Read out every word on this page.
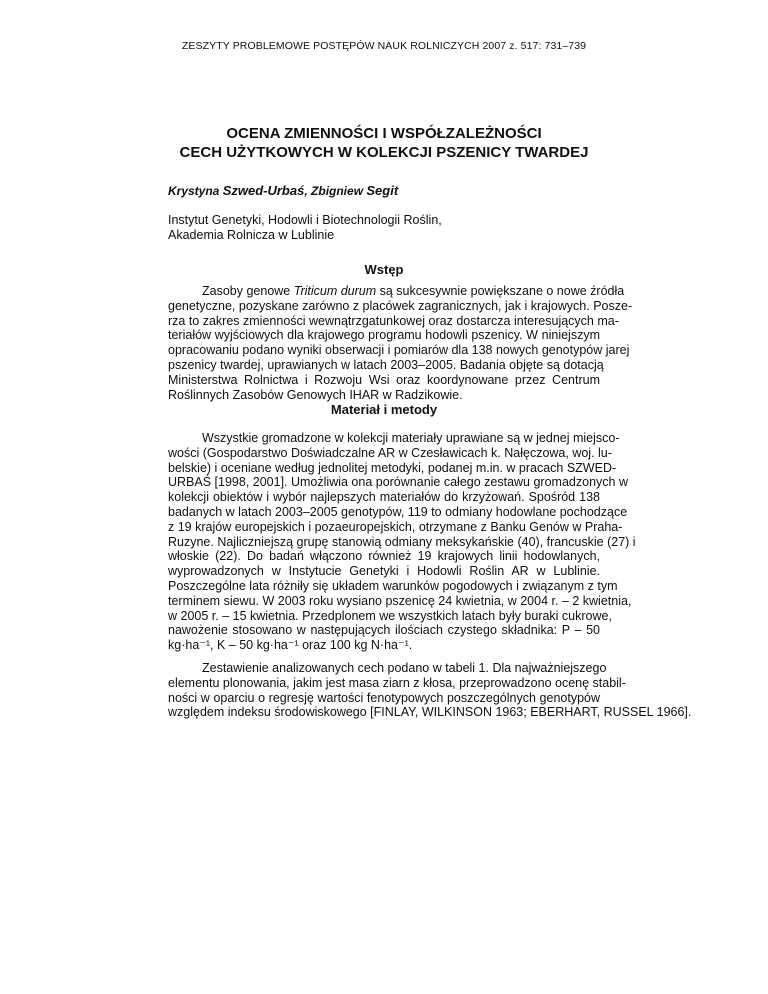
ZESZYTY PROBLEMOWE POSTĘPÓW NAUK ROLNICZYCH 2007 z. 517: 731–739
OCENA ZMIENNOŚCI I WSPÓŁZALEŻNOŚCI
CECH UŻYTKOWYCH W KOLEKCJI PSZENICY TWARDEJ
Krystyna Szwed-Urbaś, Zbigniew Segit
Instytut Genetyki, Hodowli i Biotechnologii Roślin,
Akademia Rolnicza w Lublinie
Wstęp
Zasoby genowe Triticum durum są sukcesywnie powiększane o nowe źródła
genetyczne, pozyskane zarówno z placówek zagranicznych, jak i krajowych. Posze-
rza to zakres zmienności wewnątrzgatunkowej oraz dostarcza interesujących ma-
teriałów wyjściowych dla krajowego programu hodowli pszenicy. W niniejszym
opracowaniu podano wyniki obserwacji i pomiarów dla 138 nowych genotypów jarej
pszenicy twardej, uprawianych w latach 2003–2005. Badania objęte są dotacją
Ministerstwa Rolnictwa i Rozwoju Wsi oraz koordynowane przez Centrum
Roślinnych Zasobów Genowych IHAR w Radzikowie.
Materiał i metody
Wszystkie gromadzone w kolekcji materiały uprawiane są w jednej miejsco-
wości (Gospodarstwo Doświadczalne AR w Czesławicach k. Nałęczowa, woj. lu-
belskie) i oceniane według jednolitej metodyki, podanej m.in. w pracach SZWED-
URBAŚ [1998, 2001]. Umożliwia ona porównanie całego zestawu gromadzonych w
kolekcji obiektów i wybór najlepszych materiałów do krzyżowań. Spośród 138
badanych w latach 2003–2005 genotypów, 119 to odmiany hodowlane pochodzące
z 19 krajów europejskich i pozaeuropejskich, otrzymane z Banku Genów w Praha-
Ruzyne. Najliczniejszą grupę stanowią odmiany meksykańskie (40), francuskie (27) i
włoskie (22). Do badań włączono również 19 krajowych linii hodowlanych,
wyprowadzonych w Instytucie Genetyki i Hodowli Roślin AR w Lublinie.
Poszczególne lata różniły się układem warunków pogodowych i związanym z tym
terminem siewu. W 2003 roku wysiano pszenicę 24 kwietnia, w 2004 r. – 2 kwietnia,
w 2005 r. – 15 kwietnia. Przedplonem we wszystkich latach były buraki cukrowe,
nawożenie stosowano w następujących ilościach czystego składnika: P – 50
kg·ha⁻¹, K – 50 kg·ha⁻¹ oraz 100 kg N·ha⁻¹.
Zestawienie analizowanych cech podano w tabeli 1. Dla najważniejszego
elementu plonowania, jakim jest masa ziarn z kłosa, przeprowadzono ocenę stabil-
ności w oparciu o regresję wartości fenotypowych poszczególnych genotypów
względem indeksu środowiskowego [FINLAY, WILKINSON 1963; EBERHART, RUSSEL 1966].
